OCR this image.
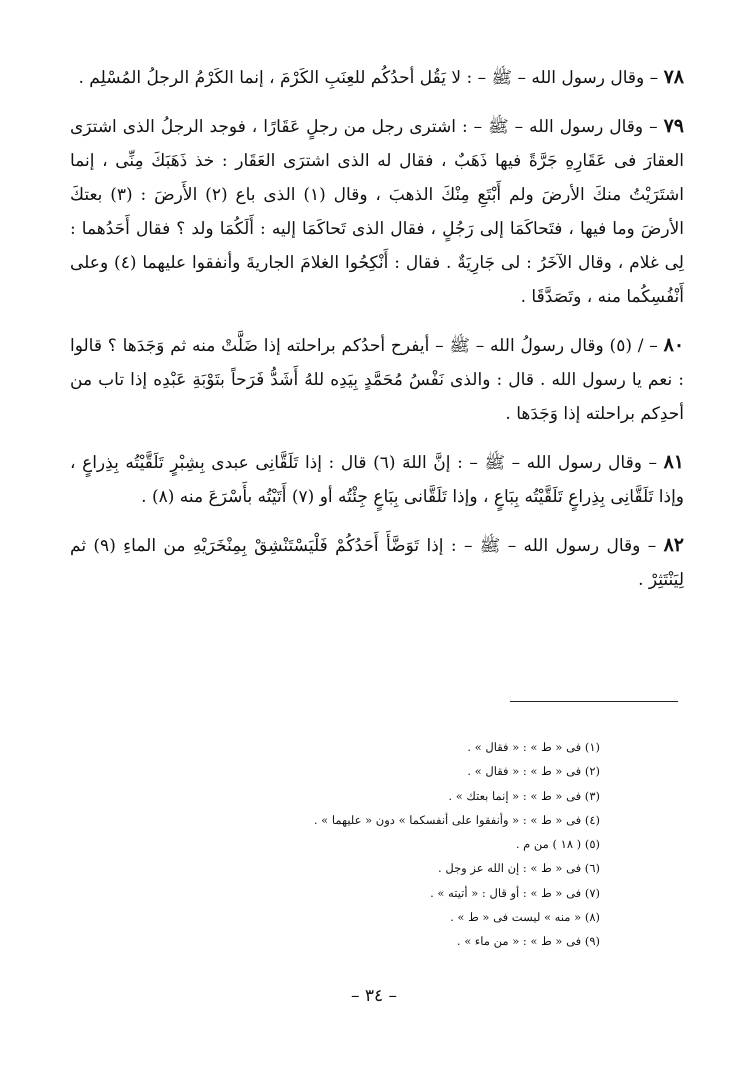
٧٨ – وقال رسول الله – ﷺ – : لا يَقُل أحدُكُم للعِنَبِ الكَرْمَ ، إنما الكَرْمُ الرجلُ المُسْلِم .

٧٩ – وقال رسول الله – ﷺ – : اشترى رجل من رجلٍ عَقَارًا ، فوجد الرجلُ الذى اشترَى العقارَ فى عَقَارِهِ جَرَّةً فيها ذَهَبٌ ، فقال له الذى اشترَى العَقَار : خذ ذَهَبَكَ مِنِّى ، إنما اشتَرَيْتُ منكَ الأرضَ ولم أَبْتَعِ مِنْكَ الذهبَ ، وقال (١) الذى باع (٢) الأَرضَ : (٣) بعتكَ الأرضَ وما فيها ، فتَحاكَمَا إلى رَجُلٍ ، فقال الذى تَحاكَمَا إليه : أَلَكُمَا ولد ؟ فقال أَحَدُهما : لِى غلام ، وقال الآخَرُ : لى جَارِيَةٌ . فقال : أَنْكِحُوا الغلامَ الجاريةَ وأنفقوا عليهما (٤) وعلى أَنْفُسِكُما منه ، وتَصَدَّقَا .

٨٠ – / (٥) وقال رسولُ الله – ﷺ – أيفرح أحدُكم براحلته إذا ضَلَّتْ منه ثم وَجَدَها ؟ قالوا : نعم يا رسول الله . قال : والذى نَفْسُ مُحَمَّدٍ بِيَدِه للهُ أَشَدُّ فَرَحاً بتَوْبَةِ عَبْدِه إذا تاب من أحدِكم براحلته إذا وَجَدَها .

٨١ – وقال رسول الله – ﷺ – : إنَّ اللهَ (٦) قال : إذا تَلَقَّانِى عبدى بِشِبْرٍ تَلَقَّيْتُه بِذِراعٍ ، وإذا تَلَقَّانِى بِذِراعٍ تَلَقَّيْتُه بِبَاعٍ ، وإذا تَلَقَّانى بِبَاعٍ جِئْتُه أو (٧) أَتَيْتُه بأَسْرَعَ منه (٨) .

٨٢ – وقال رسول الله – ﷺ – : إذا تَوَضَّأَ أَحَدُكُمْ فَلْيَسْتَنْشِقْ بِمِنْخَرَيْهِ من الماءِ (٩) ثم لِيَنْتَثِرْ .

(١) فى « ط » : « فقال » .
(٢) فى « ط » : « فقال » .
(٣) فى « ط » : « إنما بعتك » .
(٤) فى « ط » : « وأنفقوا على أنفسكما » دون « عليهما » .
(٥) ( ١٨ ) من م .
(٦) فى « ط » : إن الله عز وجل .
(٧) فى « ط » : أو قال : « أتيته » .
(٨) « منه » ليست فى « ط » .
(٩) فى « ط » : « من ماء » .
– ٣٤ –
